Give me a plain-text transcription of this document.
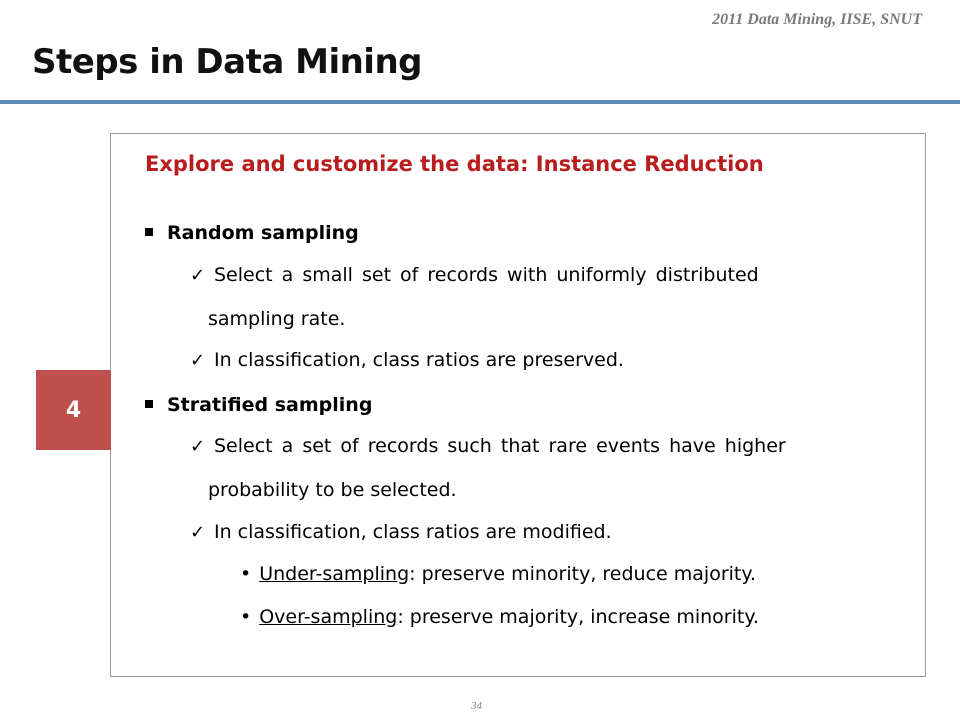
2011 Data Mining, IISE, SNUT
Steps in Data Mining
4
Explore and customize the data: Instance Reduction
Random sampling
✓ Select a small set of records with uniformly distributed
sampling rate.
✓ In classification, class ratios are preserved.
Stratified sampling
✓ Select a set of records such that rare events have higher
probability to be selected.
✓ In classification, class ratios are modified.
• Under-sampling: preserve minority, reduce majority.
• Over-sampling: preserve majority, increase minority.
34
